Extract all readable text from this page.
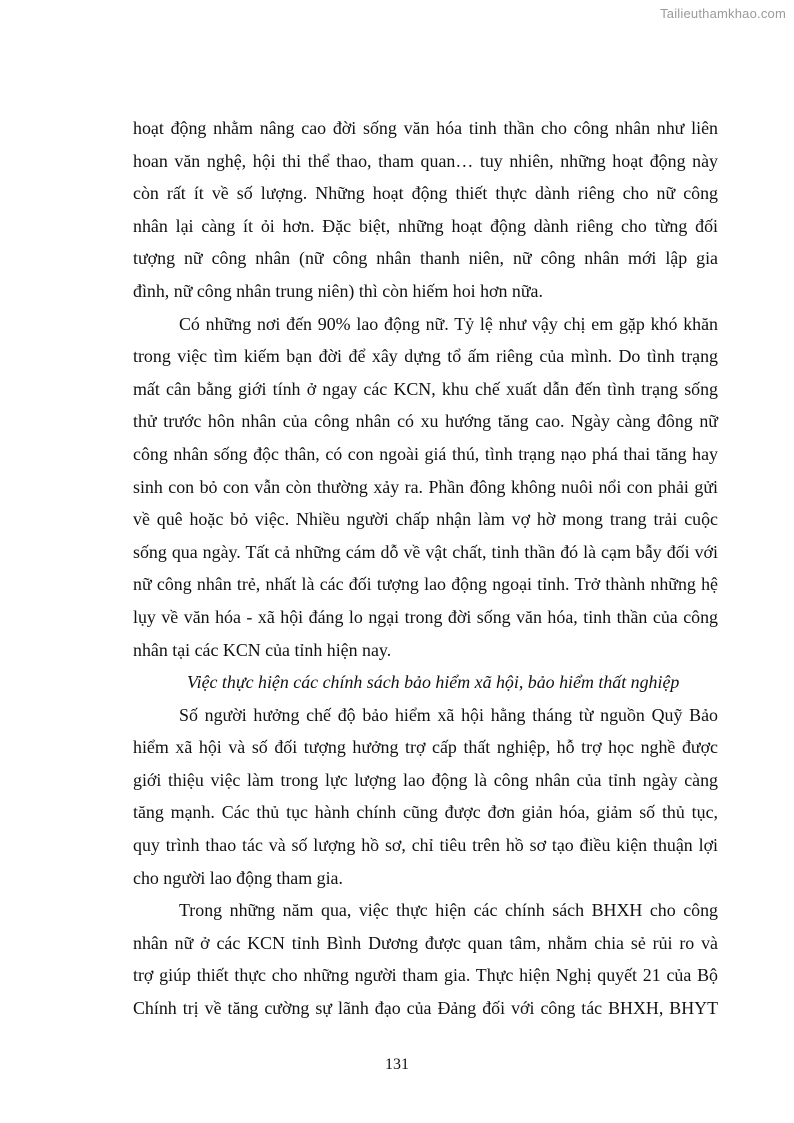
Tailieuthamkhao.com
hoạt động nhằm nâng cao đời sống văn hóa tinh thần cho công nhân như liên
hoan văn nghệ, hội thi thể thao, tham quan… tuy nhiên, những hoạt động này
còn rất ít về số lượng. Những hoạt động thiết thực dành riêng cho nữ công
nhân lại càng ít ỏi hơn. Đặc biệt, những hoạt động dành riêng cho từng đối
tượng nữ công nhân (nữ công nhân thanh niên, nữ công nhân mới lập gia
đình, nữ công nhân trung niên) thì còn hiếm hoi hơn nữa.
Có những nơi đến 90% lao động nữ. Tỷ lệ như vậy chị em gặp khó khăn
trong việc tìm kiếm bạn đời để xây dựng tổ ấm riêng của mình. Do tình trạng
mất cân bằng giới tính ở ngay các KCN, khu chế xuất dẫn đến tình trạng sống
thử trước hôn nhân của công nhân có xu hướng tăng cao. Ngày càng đông nữ
công nhân sống độc thân, có con ngoài giá thú, tình trạng nạo phá thai tăng hay
sinh con bỏ con vẫn còn thường xảy ra. Phần đông không nuôi nổi con phải gửi
về quê hoặc bỏ việc. Nhiều người chấp nhận làm vợ hờ mong trang trải cuộc
sống qua ngày. Tất cả những cám dỗ về vật chất, tinh thần đó là cạm bẫy đối với
nữ công nhân trẻ, nhất là các đối tượng lao động ngoại tỉnh. Trở thành những hệ
lụy về văn hóa - xã hội đáng lo ngại trong đời sống văn hóa, tinh thần của công
nhân tại các KCN của tỉnh hiện nay.
Việc thực hiện các chính sách bảo hiểm xã hội, bảo hiểm thất nghiệp
Số người hưởng chế độ bảo hiểm xã hội hằng tháng từ nguồn Quỹ Bảo
hiểm xã hội và số đối tượng hưởng trợ cấp thất nghiệp, hỗ trợ học nghề được
giới thiệu việc làm trong lực lượng lao động là công nhân của tỉnh ngày càng
tăng mạnh. Các thủ tục hành chính cũng được đơn giản hóa, giảm số thủ tục,
quy trình thao tác và số lượng hồ sơ, chỉ tiêu trên hồ sơ tạo điều kiện thuận lợi
cho người lao động tham gia.
Trong những năm qua, việc thực hiện các chính sách BHXH cho công
nhân nữ ở các KCN tỉnh Bình Dương được quan tâm, nhằm chia sẻ rủi ro và
trợ giúp thiết thực cho những người tham gia. Thực hiện Nghị quyết 21 của Bộ
Chính trị về tăng cường sự lãnh đạo của Đảng đối với công tác BHXH, BHYT
131
